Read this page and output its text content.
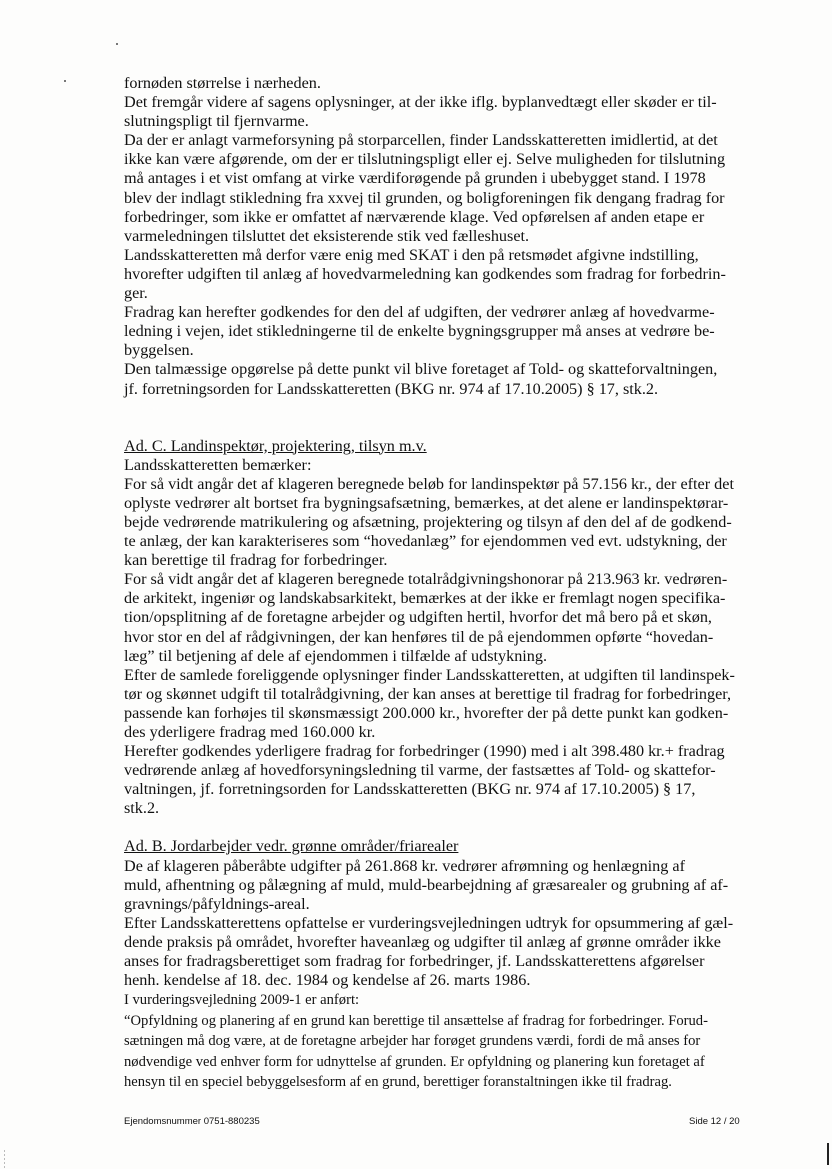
fornøden størrelse i nærheden.

Det fremgår videre af sagens oplysninger, at der ikke iflg. byplanvedtægt eller skøder er til-

slutningspligt til fjernvarme.

Da der er anlagt varmeforsyning på storparcellen, finder Landsskatteretten imidlertid, at det

ikke kan være afgørende, om der er tilslutningspligt eller ej. Selve muligheden for tilslutning

må antages i et vist omfang at virke værdiforøgende på grunden i ubebygget stand. I 1978

blev der indlagt stikledning fra xxvej til grunden, og boligforeningen fik dengang fradrag for

forbedringer, som ikke er omfattet af nærværende klage. Ved opførelsen af anden etape er

varmeledningen tilsluttet det eksisterende stik ved fælleshuset.

Landsskatteretten må derfor være enig med SKAT i den på retsmødet afgivne indstilling,

hvorefter udgiften til anlæg af hovedvarmeledning kan godkendes som fradrag for forbedrin-

ger.

Fradrag kan herefter godkendes for den del af udgiften, der vedrører anlæg af hovedvarme-

ledning i vejen, idet stikledningerne til de enkelte bygningsgrupper må anses at vedrøre be-

byggelsen.

Den talmæssige opgørelse på dette punkt vil blive foretaget af Told- og skatteforvaltningen,

jf. forretningsorden for Landsskatteretten (BKG nr. 974 af 17.10.2005) § 17, stk.2.

Ad. C. Landinspektør, projektering, tilsyn m.v.

Landsskatteretten bemærker:

For så vidt angår det af klageren beregnede beløb for landinspektør på 57.156 kr., der efter det

oplyste vedrører alt bortset fra bygningsafsætning, bemærkes, at det alene er landinspektørar-

bejde vedrørende matrikulering og afsætning, projektering og tilsyn af den del af de godkend-

te anlæg, der kan karakteriseres som “hovedanlæg” for ejendommen ved evt. udstykning, der

kan berettige til fradrag for forbedringer.

For så vidt angår det af klageren beregnede totalrådgivningshonorar på 213.963 kr. vedrøren-

de arkitekt, ingeniør og landskabsarkitekt, bemærkes at der ikke er fremlagt nogen specifika-

tion/opsplitning af de foretagne arbejder og udgiften hertil, hvorfor det må bero på et skøn,

hvor stor en del af rådgivningen, der kan henføres til de på ejendommen opførte “hovedan-

læg” til betjening af dele af ejendommen i tilfælde af udstykning.

Efter de samlede foreliggende oplysninger finder Landsskatteretten, at udgiften til landinspek-

tør og skønnet udgift til totalrådgivning, der kan anses at berettige til fradrag for forbedringer,

passende kan forhøjes til skønsmæssigt 200.000 kr., hvorefter der på dette punkt kan godken-

des yderligere fradrag med 160.000 kr.

Herefter godkendes yderligere fradrag for forbedringer (1990) med i alt 398.480 kr.+ fradrag

vedrørende anlæg af hovedforsyningsledning til varme, der fastsættes af Told- og skattefor-

valtningen, jf. forretningsorden for Landsskatteretten (BKG nr. 974 af 17.10.2005) § 17,

stk.2.

Ad. B. Jordarbejder vedr. grønne områder/friarealer

De af klageren påberåbte udgifter på 261.868 kr. vedrører afrømning og henlægning af

muld, afhentning og pålægning af muld, muld-bearbejdning af græsarealer og grubning af af-

gravnings/påfyldnings-areal.

Efter Landsskatterettens opfattelse er vurderingsvejledningen udtryk for opsummering af gæl-

dende praksis på området, hvorefter haveanlæg og udgifter til anlæg af grønne områder ikke

anses for fradragsberettiget som fradrag for forbedringer, jf. Landsskatterettens afgørelser

henh. kendelse af 18. dec. 1984 og kendelse af 26. marts 1986.

I vurderingsvejledning 2009-1 er anført:

“Opfyldning og planering af en grund kan berettige til ansættelse af fradrag for forbedringer. Forud-

sætningen må dog være, at de foretagne arbejder har forøget grundens værdi, fordi de må anses for

nødvendige ved enhver form for udnyttelse af grunden. Er opfyldning og planering kun foretaget af

hensyn til en speciel bebyggelsesform af en grund, berettiger foranstaltningen ikke til fradrag.

Ejendomsnummer 0751-880235	Side 12 / 20
